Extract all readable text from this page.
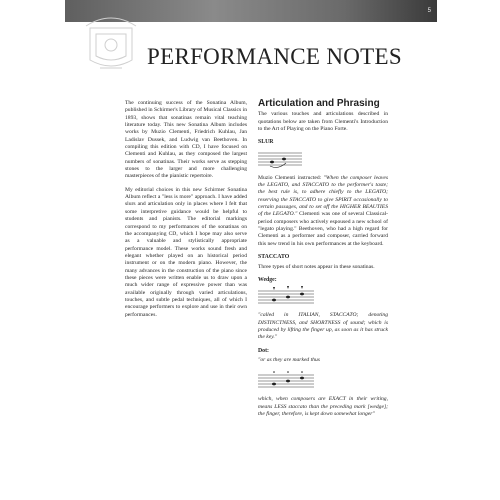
5
PERFORMANCE NOTES

The continuing success of the Sonatina Album, published in Schirmer's Library of Musical Classics in 1893, shows that sonatinas remain vital teaching literature today. This new Sonatina Album includes works by Muzio Clementi, Friedrich Kuhlau, Jan Ladislav Dussek, and Ludwig van Beethoven. In compiling this edition with CD, I have focused on Clementi and Kuhlau, as they composed the largest numbers of sonatinas. Their works serve as stepping stones to the larger and more challenging masterpieces of the pianistic repertoire.

My editorial choices in this new Schirmer Sonatina Album reflect a "less is more" approach. I have added slurs and articulation only in places where I felt that some interpretive guidance would be helpful to students and pianists. The editorial markings correspond to my performances of the sonatinas on the accompanying CD, which I hope may also serve as a valuable and stylistically appropriate performance model. These works sound fresh and elegant whether played on an historical period instrument or on the modern piano. However, the many advances in the construction of the piano since these pieces were written enable us to draw upon a much wider range of expressive power than was available originally through varied articulations, touches, and subtle pedal techniques, all of which I encourage performers to explore and use in their own performances.

Articulation and Phrasing

The various touches and articulations described in quotations below are taken from Clementi's Introduction to the Art of Playing on the Piano Forte.

SLUR

Muzio Clementi instructed: "When the composer leaves the LEGATO, and STACCATO to the performer's taste; the best rule is, to adhere chiefly to the LEGATO; reserving the STACCATO to give SPIRIT occasionally to certain passages, and to set off the HIGHER BEAUTIES of the LEGATO." Clementi was one of several Classical-period composers who actively espoused a new school of "legato playing." Beethoven, who had a high regard for Clementi as a performer and composer, carried forward this new trend in his own performances at the keyboard.

STACCATO

Three types of short notes appear in these sonatinas.

Wedge:

"called in ITALIAN, STACCATO; denoting DISTINCTNESS, and SHORTNESS of sound; which is produced by lifting the finger up, as soon as it has struck the key."

Dot:

"or as they are marked thus

which, when composers are EXACT in their writing, means LESS staccato than the preceding mark [wedge]; the finger, therefore, is kept down somewhat longer"
